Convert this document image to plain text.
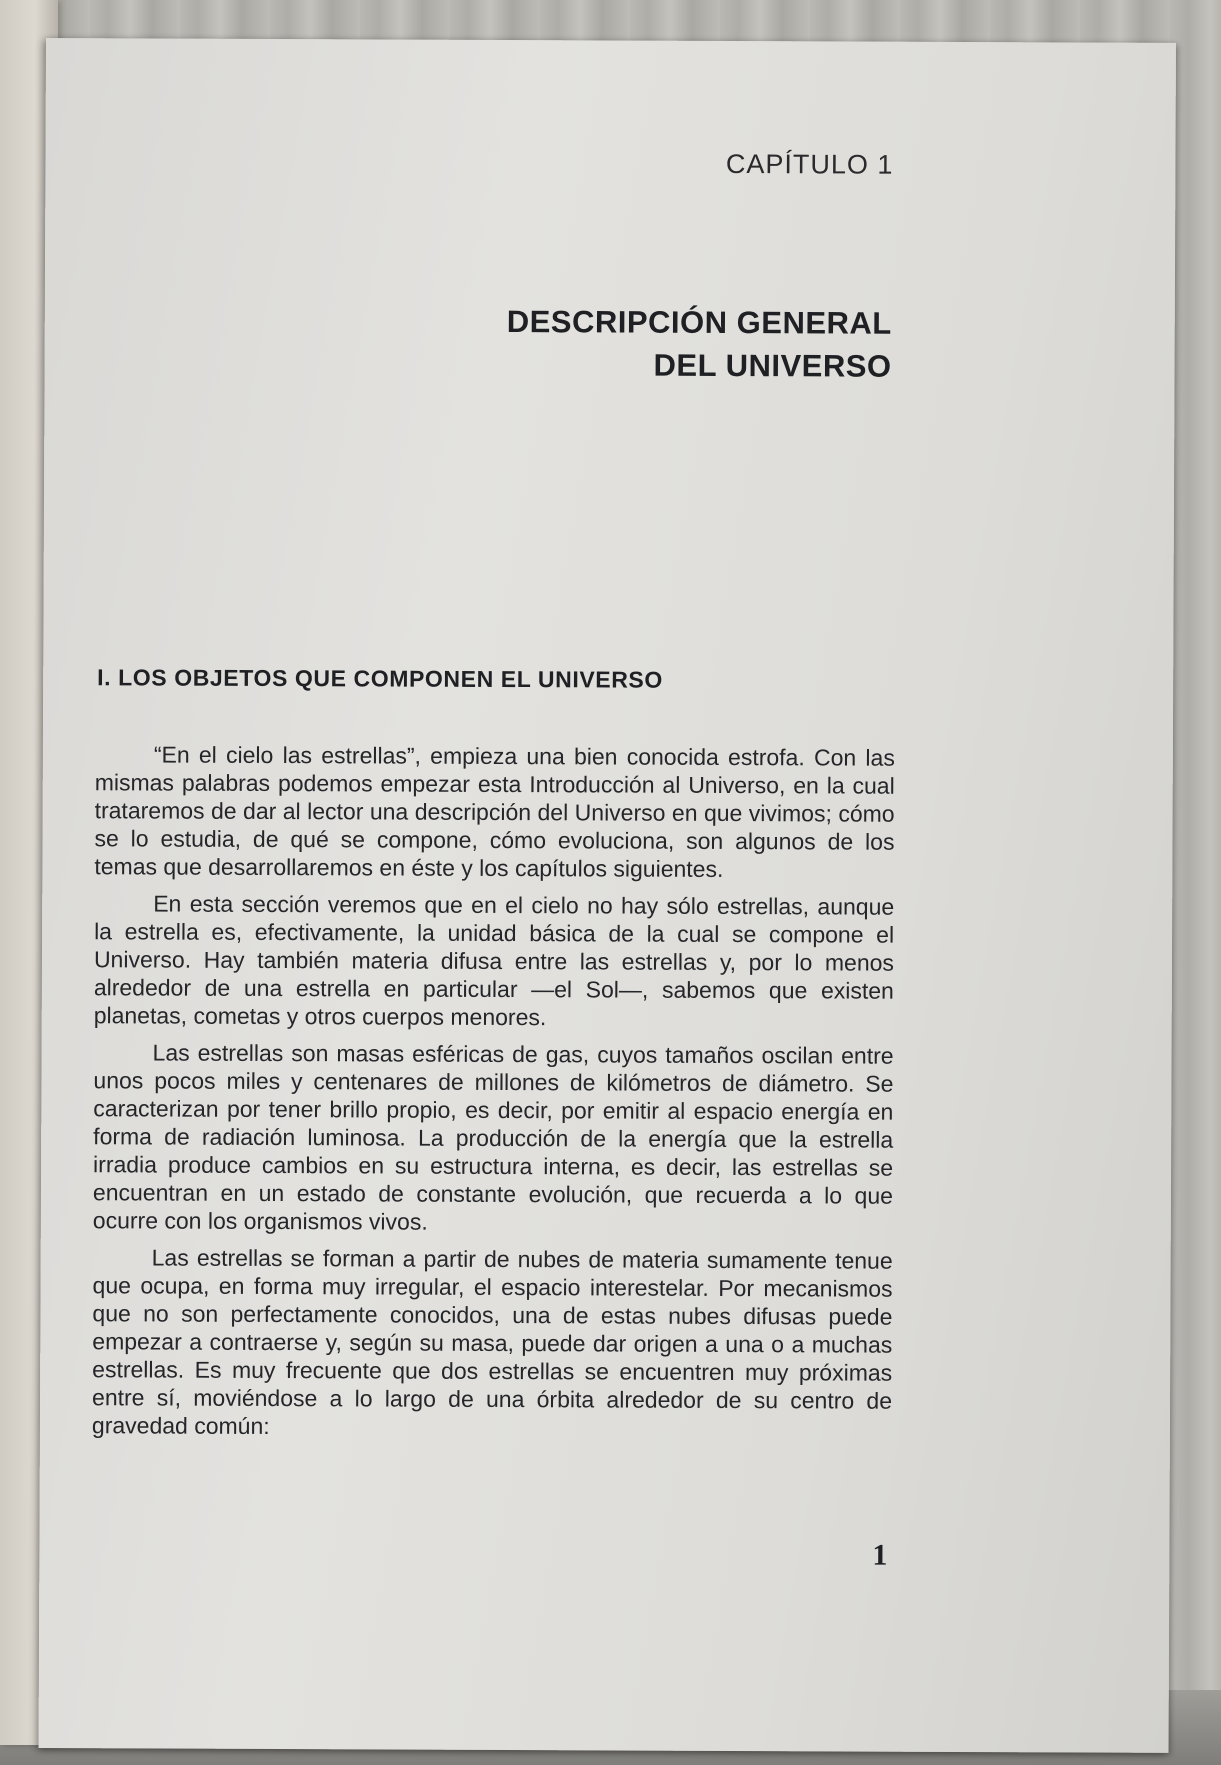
CAPÍTULO 1
DESCRIPCIÓN GENERAL
DEL UNIVERSO
I. LOS OBJETOS QUE COMPONEN EL UNIVERSO

“En el cielo las estrellas”, empieza una bien conocida estrofa. Con las mismas palabras podemos empezar esta Introducción al Universo, en la cual trataremos de dar al lector una descripción del Universo en que vivimos; cómo se lo estudia, de qué se compone, cómo evoluciona, son algunos de los temas que desarrollaremos en éste y los capítulos siguientes.

En esta sección veremos que en el cielo no hay sólo estrellas, aunque la estrella es, efectivamente, la unidad básica de la cual se compone el Universo. Hay también materia difusa entre las estrellas y, por lo menos alrededor de una estrella en particular —el Sol—, sabemos que existen planetas, cometas y otros cuerpos menores.

Las estrellas son masas esféricas de gas, cuyos tamaños oscilan entre unos pocos miles y centenares de millones de kilómetros de diámetro. Se caracterizan por tener brillo propio, es decir, por emitir al espacio energía en forma de radiación luminosa. La producción de la energía que la estrella irradia produce cambios en su estructura interna, es decir, las estrellas se encuentran en un estado de constante evolución, que recuerda a lo que ocurre con los organismos vivos.

Las estrellas se forman a partir de nubes de materia sumamente tenue que ocupa, en forma muy irregular, el espacio interestelar. Por mecanismos que no son perfectamente conocidos, una de estas nubes difusas puede empezar a contraerse y, según su masa, puede dar origen a una o a muchas estrellas. Es muy frecuente que dos estrellas se encuentren muy próximas entre sí, moviéndose a lo largo de una órbita alrededor de su centro de gravedad común:

1
